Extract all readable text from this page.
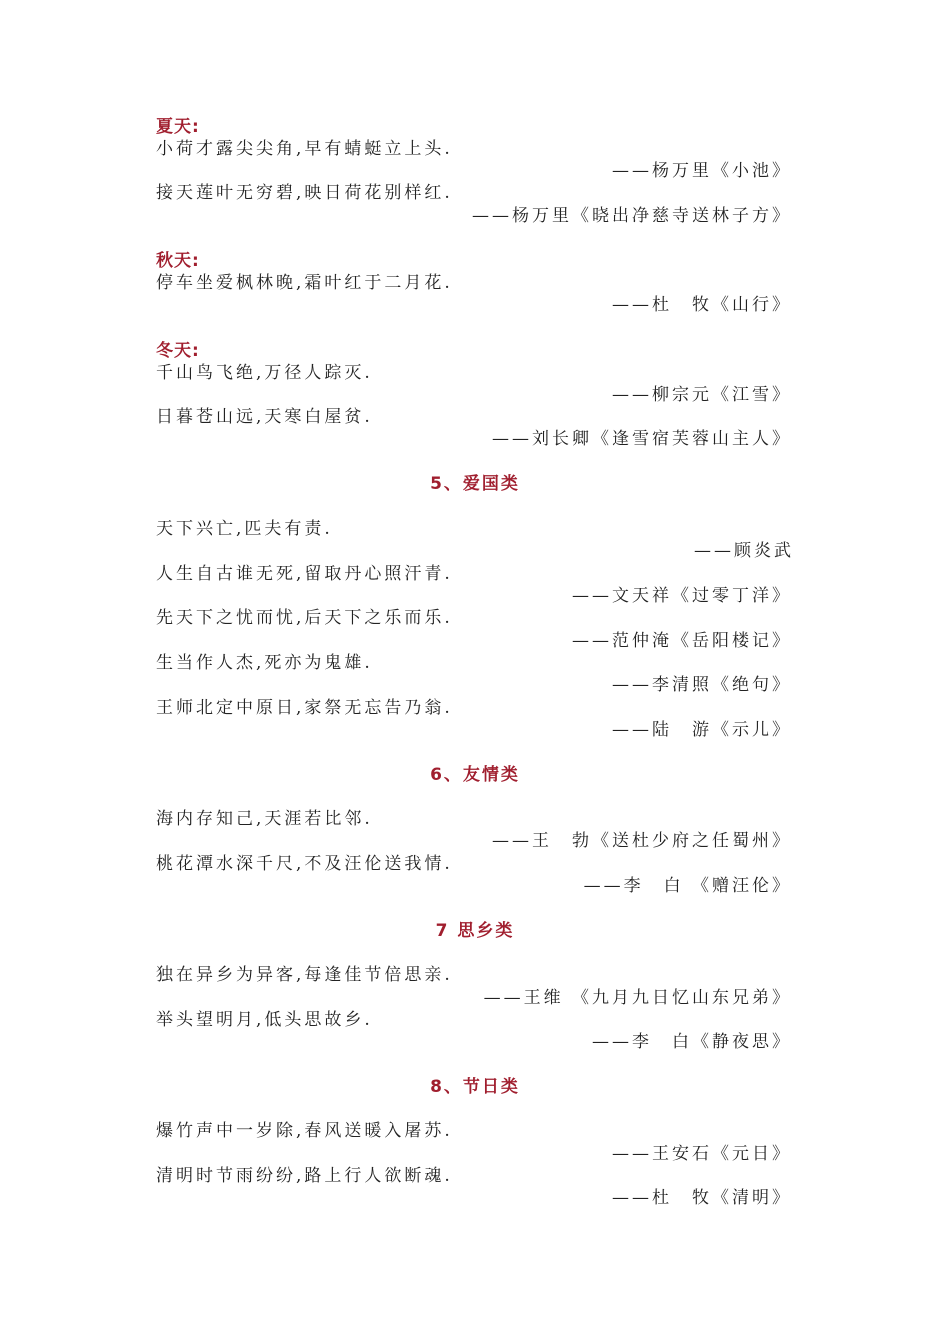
夏天:
小荷才露尖尖角,早有蜻蜓立上头.
——杨万里《小池》
接天莲叶无穷碧,映日荷花别样红.
——杨万里《晓出净慈寺送林子方》
秋天:
停车坐爱枫林晚,霜叶红于二月花.
——杜　牧《山行》
冬天:
千山鸟飞绝,万径人踪灭.
——柳宗元《江雪》
日暮苍山远,天寒白屋贫.
——刘长卿《逢雪宿芙蓉山主人》
5、爱国类
天下兴亡,匹夫有责.
——顾炎武
人生自古谁无死,留取丹心照汗青.
——文天祥《过零丁洋》
先天下之忧而忧,后天下之乐而乐.
——范仲淹《岳阳楼记》
生当作人杰,死亦为鬼雄.
——李清照《绝句》
王师北定中原日,家祭无忘告乃翁.
——陆　游《示儿》
6、友情类
海内存知己,天涯若比邻.
——王　勃《送杜少府之任蜀州》
桃花潭水深千尺,不及汪伦送我情.
——李　白 《赠汪伦》
7 思乡类
独在异乡为异客,每逢佳节倍思亲.
——王维 《九月九日忆山东兄弟》
举头望明月,低头思故乡.
——李　白《静夜思》
8、节日类
爆竹声中一岁除,春风送暖入屠苏.
——王安石《元日》
清明时节雨纷纷,路上行人欲断魂.
——杜　牧《清明》
